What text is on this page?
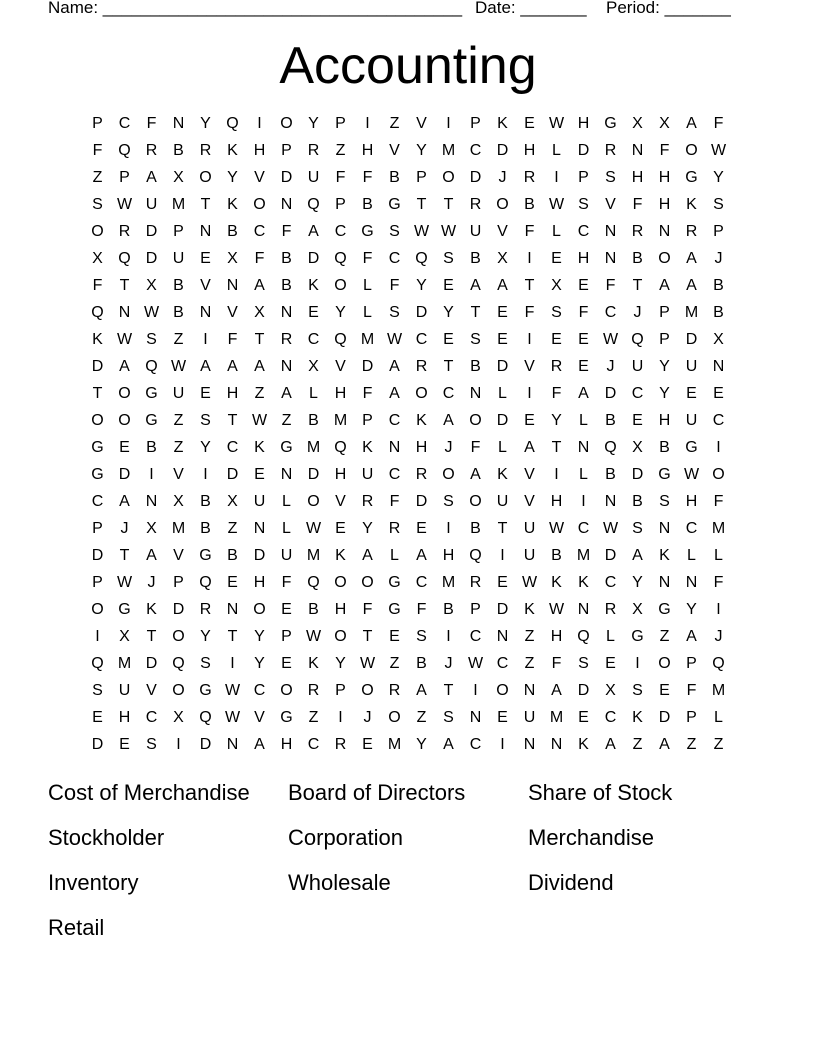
Name: ______________________________________ Date: _______ Period: _______
Accounting
P C	F	N Y Q	I	O Y	P	I	Z	V	I	P	K	E W H G X	X	A	F
F Q R B R K H P R	Z	H V	Y M C D H	L	D R N	F O W
Z	P	A	X O Y	V D U	F	F	B	P O D	J	R	I	P	S H H G Y
S W U M T	K O N Q P	B G T	T	R O B W S	V	F	H K	S
O R D P N B C	F	A C G S W W U V	F	L	C N R N R P
X Q D U E	X	F	B D Q F	C Q S	B	X	I	E H N B O A	J
F	T	X	B	V N A	B	K O	L	F	Y	E	A	A	T	X	E	F	T	A	A	B
Q N W B N V	X N E	Y	L	S D Y	T	E	F	S	F	C	J	P M B
K W S	Z	I	F	T	R C Q M W C E	S	E	I	E	E W Q P D X
D A Q W A	A	A N X	V D A R	T	B D V R E	J	U Y U N
T O G U E H	Z	A	L	H	F	A O C N	L	I	F	A D C Y	E	E
O O G Z	S	T W Z	B M P C K	A O D E	Y	L	B	E H U C
G E	B	Z	Y C K G M Q K N H	J	F	L	A	T	N Q X	B G	I
G D	I	V	I	D E N D H U C R O A	K	V	I	L	B D G W O
C A N X	B	X U	L	O V R	F	D S O U V H	I	N B	S H	F
P	J	X M B	Z	N	L W E	Y R E	I	B	T	U W C W S N C M
D	T	A	V G B D U M K	A	L	A H Q	I	U B M D A	K	L	L
P W J	P Q E H	F Q O O G C M R E W K	K C Y N N	F
O G K D R N O E	B H	F G F	B	P D K W N R X G Y	I
I	X	T O Y	T	Y	P W O T	E	S	I	C N	Z	H Q	L	G Z	A	J
Q M D Q S	I	Y	E	K	Y W Z	B	J W C	Z	F	S	E	I	O P Q
S U V O G W C O R P O R A	T	I	O N A D X	S	E	F M
E H C X Q W V G Z	I	J	O Z	S N E U M E C K D P	L
D E	S	I	D N A H C R E M Y	A C	I	N N K	A	Z	A	Z	Z
Cost of Merchandise	Board of Directors	Share of Stock
Stockholder	Corporation	Merchandise
Inventory	Wholesale	Dividend
Retail
